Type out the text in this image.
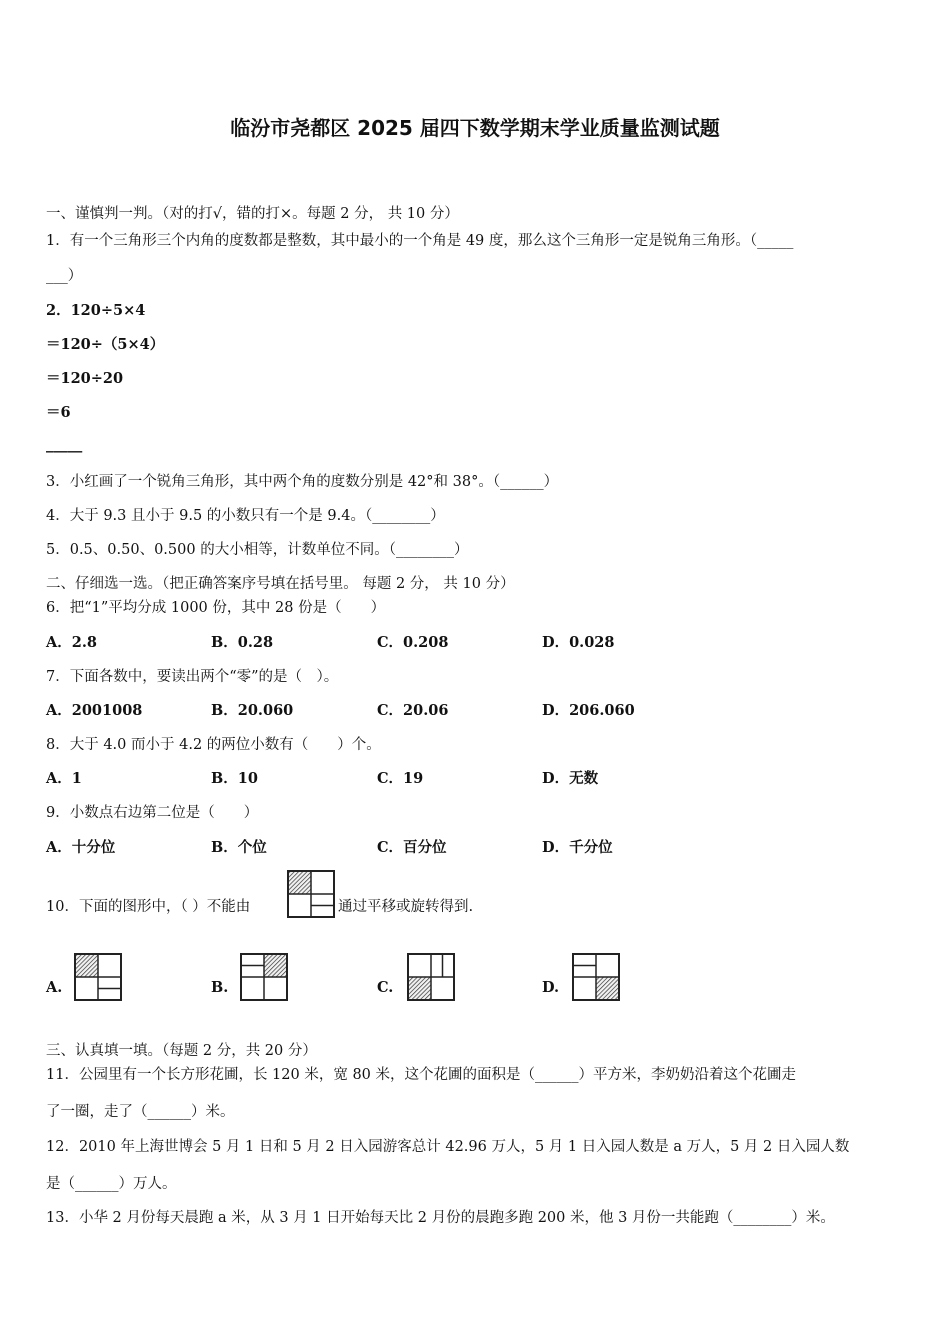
临汾市尧都区 2025 届四下数学期末学业质量监测试题
一、谨慎判一判。（对的打√，错的打×。每题 2 分， 共 10 分）
1．有一个三角形三个内角的度数都是整数，其中最小的一个角是 49 度，那么这个三角形一定是锐角三角形。（_____
___）
2．120÷5×4
＝120÷（5×4）
＝120÷20
＝6
_____
3．小红画了一个锐角三角形，其中两个角的度数分别是 42°和 38°。（______）
4．大于 9.3 且小于 9.5 的小数只有一个是 9.4。（________）
5．0.5、0.50、0.500 的大小相等，计数单位不同。（________）
二、仔细选一选。（把正确答案序号填在括号里。 每题 2 分， 共 10 分）
6．把“1”平均分成 1000 份，其中 28 份是（　　）
A．2.8	B．0.28	C．0.208	D．0.028
7．下面各数中，要读出两个“零”的是（　）。
A．2001008	B．20.060	C．20.06	D．206.060
8．大于 4.0 而小于 4.2 的两位小数有（　　）个。
A．1	B．10	C．19	D．无数
9．小数点右边第二位是（　　）
A．十分位	B．个位	C．百分位	D．千分位
10．下面的图形中，（ ）不能由	通过平移或旋转得到.
A.	B.	C.	D.
三、认真填一填。（每题 2 分，共 20 分）
11．公园里有一个长方形花圃，长 120 米，宽 80 米，这个花圃的面积是（______）平方米，李奶奶沿着这个花圃走
了一圈，走了（______）米。
12．2010 年上海世博会 5 月 1 日和 5 月 2 日入园游客总计 42.96 万人，5 月 1 日入园人数是 a 万人，5 月 2 日入园人数
是（______）万人。
13．小华 2 月份每天晨跑 a 米，从 3 月 1 日开始每天比 2 月份的晨跑多跑 200 米，他 3 月份一共能跑（________）米。
